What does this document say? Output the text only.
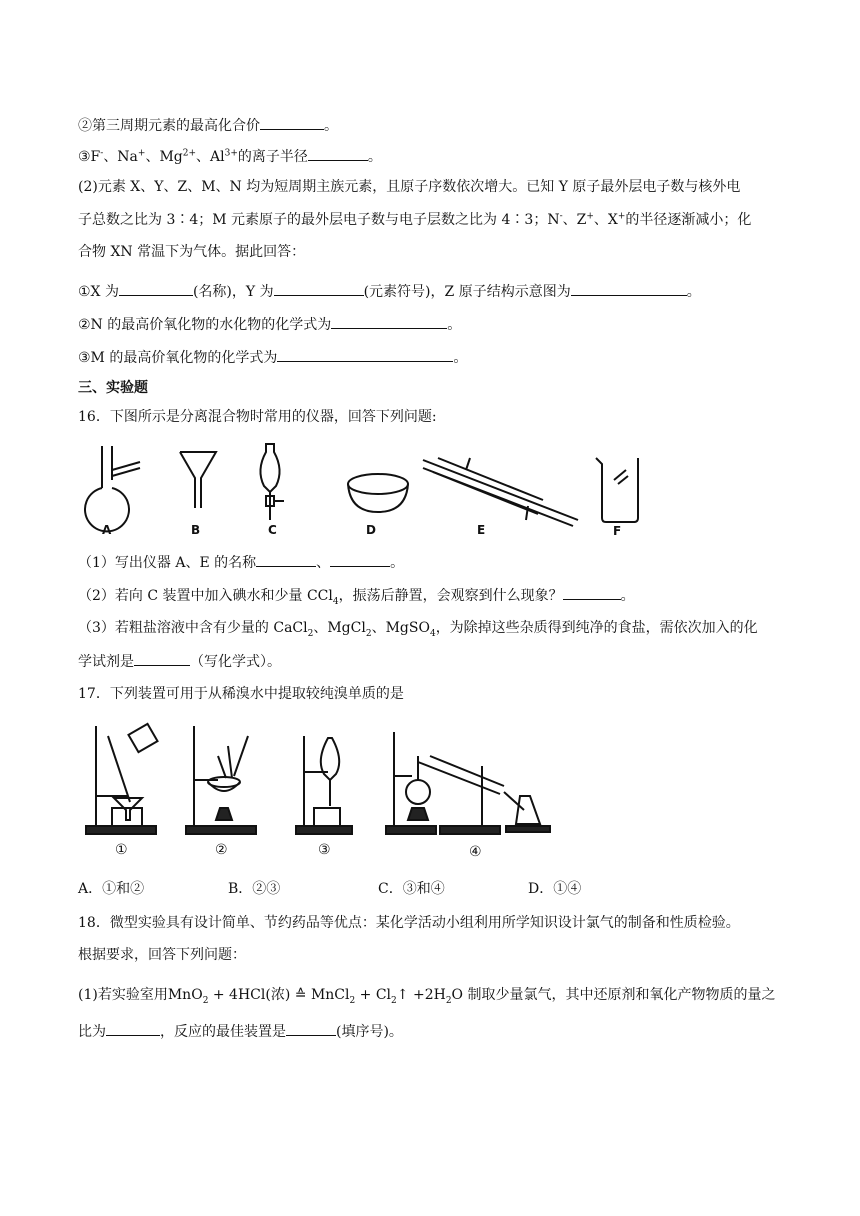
②第三周期元素的最高化合价	。
③F-、Na+、$Mg^{2+}$、$Al^{3+}$的离子半径	。
(2)元素 X、Y、Z、M、N 均为短周期主族元素，且原子序数依次增大。已知 Y 原子最外层电子数与核外电
子总数之比为 3∶4；M 元素原子的最外层电子数与电子层数之比为 4∶3；N-、Z+、X+的半径逐渐减小；化
合物 XN 常温下为气体。据此回答：
①X 为	(名称)，Y 为	(元素符号)，Z 原子结构示意图为	。
②N 的最高价氧化物的水化物的化学式为	。
③M 的最高价氧化物的化学式为	。
三、实验题
16．下图所示是分离混合物时常用的仪器，回答下列问题:
A	B	C	D	E	F
（1）写出仪器 A、E 的名称	、	。
（2）若向 C 装置中加入碘水和少量 CCl$_4$，振荡后静置，会观察到什么现象？	。
（3）若粗盐溶液中含有少量的 CaCl$_2$、MgCl$_2$、MgSO$_4$，为除掉这些杂质得到纯净的食盐，需依次加入的化
学试剂是	（写化学式）。
17．下列装置可用于从稀溴水中提取较纯溴单质的是
①	②	③	④
A．①和②	B．②③	C．③和④	D．①④
18．微型实验具有设计简单、节约药品等优点：某化学活动小组利用所学知识设计氯气的制备和性质检验。
根据要求，回答下列问题：
(1)若实验室用MnO$_2$ + 4HCl(浓) ≙ MnCl$_2$ + $Cl_2↑ +2H_2O$ 制取少量氯气，其中还原剂和氧化产物物质的量之
比为	，反应的最佳装置是	(填序号)。
